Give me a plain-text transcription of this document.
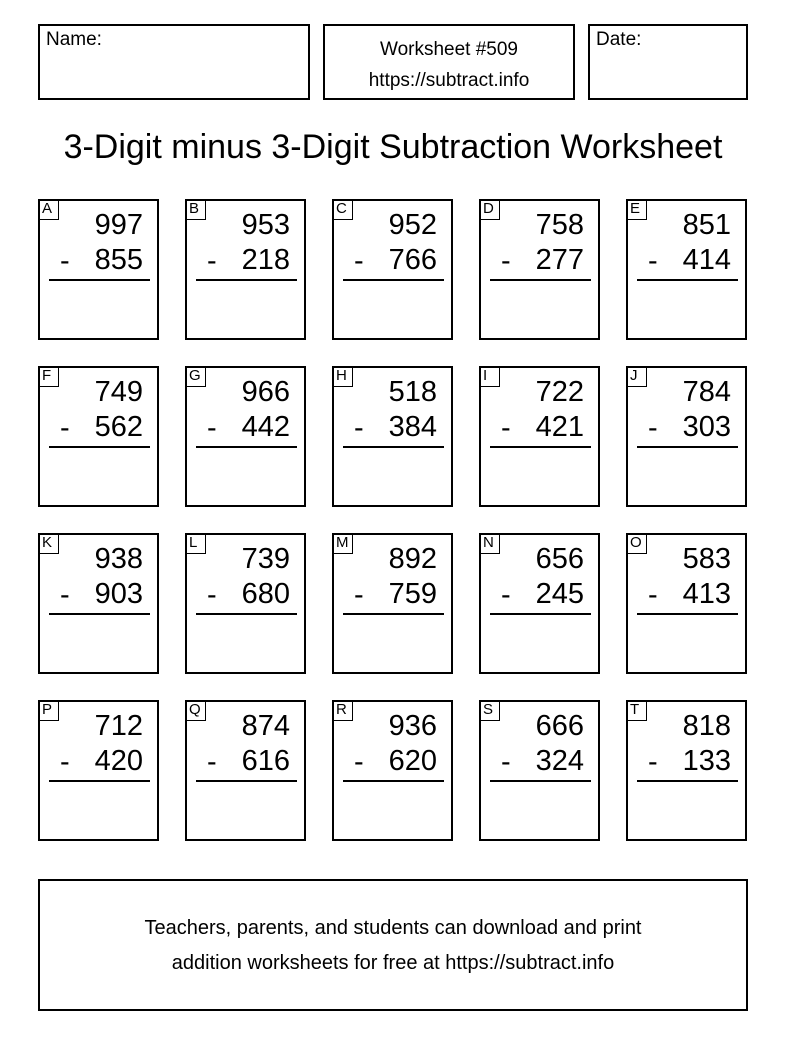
Name:	Worksheet #509
https://subtract.info
Date:
3-Digit minus 3-Digit Subtraction Worksheet
A
997
- 855
B
953
- 218
C
952
- 766
D
758
- 277
E
851
- 414
F
749
- 562
G
966
- 442
H
518
- 384
I
722
- 421
J
784
- 303
K
938
- 903
L
739
- 680
M
892
- 759
N
656
- 245
O
583
- 413
P
712
- 420
Q
874
- 616
R
936
- 620
S
666
- 324
T
818
- 133
Teachers, parents, and students can download and print
addition worksheets for free at https://subtract.info
